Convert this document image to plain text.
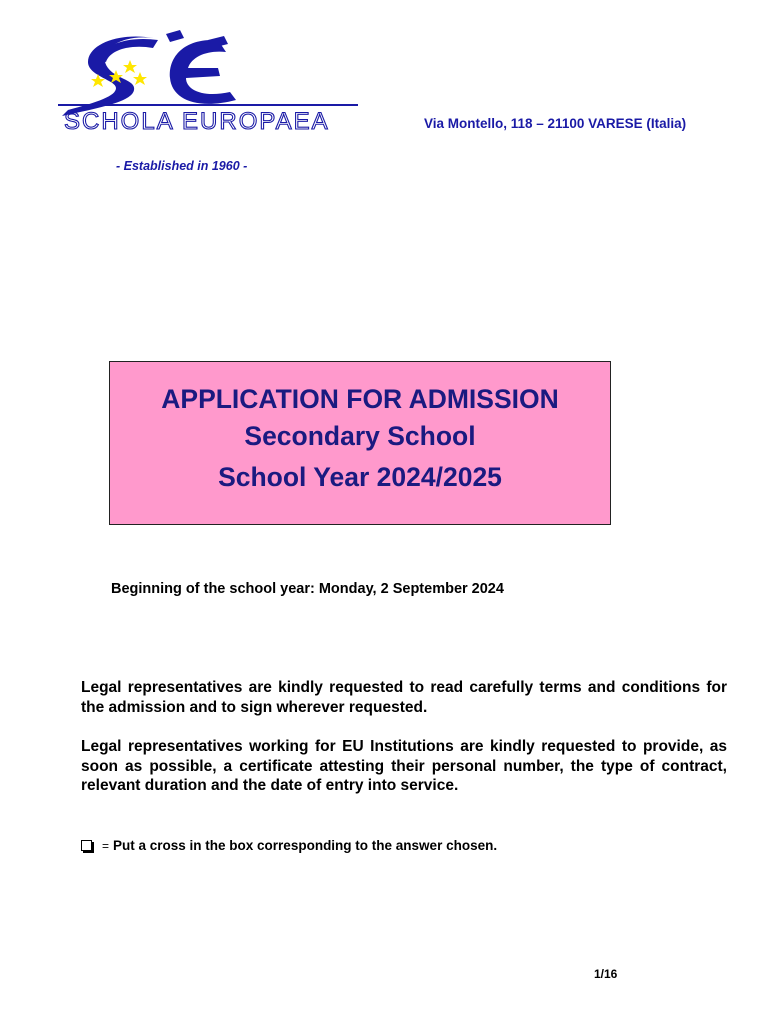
SCHOLA EUROPAEA	Via Montello, 118 – 21100 VARESE (Italia)
- Established in 1960 -
APPLICATION FOR ADMISSION
Secondary School
School Year 2024/2025
Beginning of the school year: Monday, 2 September 2024
Legal representatives are kindly requested to read carefully terms and conditions for the admission and to sign wherever requested.
Legal representatives working for EU Institutions are kindly requested to provide, as soon as possible, a certificate attesting their personal number, the type of contract, relevant duration and the date of entry into service.
= Put a cross in the box corresponding to the answer chosen.
1/16
